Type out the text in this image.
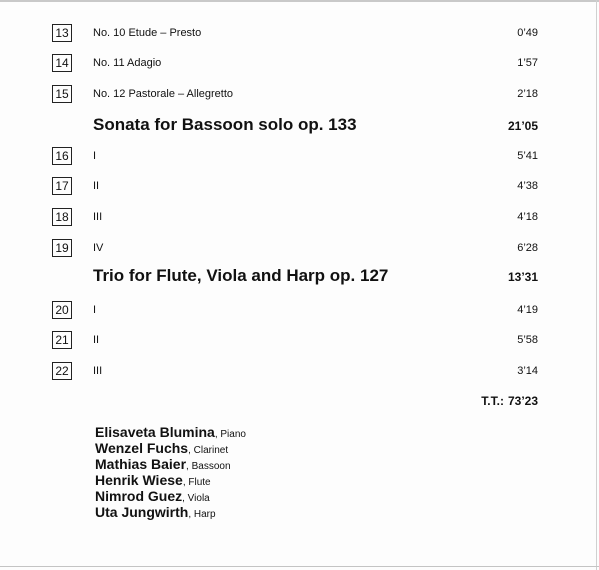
13	No. 10 Etude – Presto	0’49
14	No. 11 Adagio	1’57
15	No. 12 Pastorale – Allegretto	2’18
Sonata for Bassoon solo op. 133	21’05
16	I	5’41
17	II	4’38
18	III	4’18
19	IV	6’28
Trio for Flute, Viola and Harp op. 127	13’31
20	I	4’19
21	II	5’58
22	III	3’14
T.T.: 73’23
Elisaveta Blumina, Piano
Wenzel Fuchs, Clarinet
Mathias Baier, Bassoon
Henrik Wiese, Flute
Nimrod Guez, Viola
Uta Jungwirth, Harp
